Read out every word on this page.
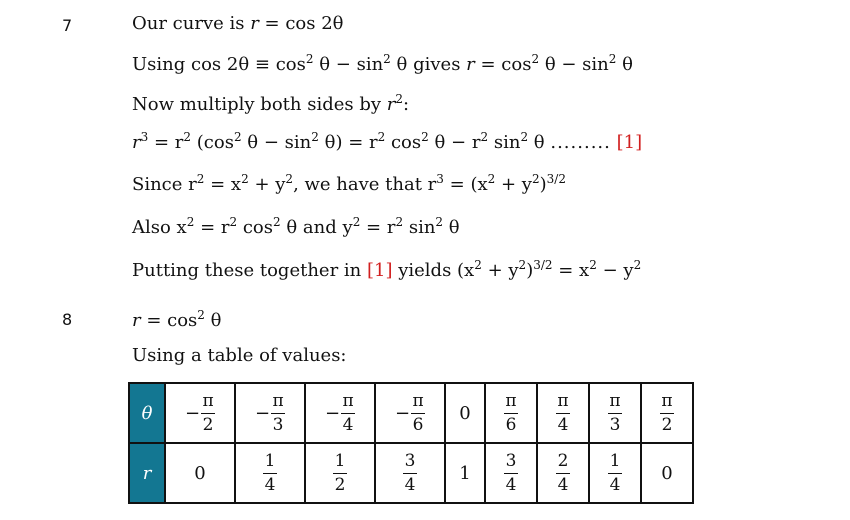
7	Our curve is r = cos 2θ
Using $\cos 2\theta \equiv \cos^2 \theta - \sin^2 \theta$ gives $r = \cos^2 \theta - \sin^2 \theta$
Now multiply both sides by $r^2$:
$r^3 = r^2$ ($\cos^2$ $\theta - \sin^2 \theta) = r^2$ $\cos^2 \theta - r^2$ $\sin^2 \theta$ ......... [1]
Since $r^2 = x^2 + y^2$, we have that $r^3 = (x^2 + y^2)^{3/2}$
Also $x^2 = r^2$ $\cos^2 \theta$ and $y^2 = r^2$ $\sin^2 \theta$
Putting these together in [1] yields $(x^2 + y^2)^{3/2} = x^2 - y^2$
8	$r = \cos^2 \theta$
Using a table of values:
θ	− $\frac{\pi}{2}$	− $\frac{\pi}{3}$	− $\frac{\pi}{4}$	− $\frac{\pi}{6}$	0	$\frac{\pi}{6}$	$\frac{\pi}{4}$	$\frac{\pi}{3}$	$\frac{\pi}{2}$

r	0	$\frac{1}{4}$	$\frac{1}{2}$	$\frac{3}{4}$	1	$\frac{3}{4}$	$\frac{2}{4}$	$\frac{1}{4}$	0
